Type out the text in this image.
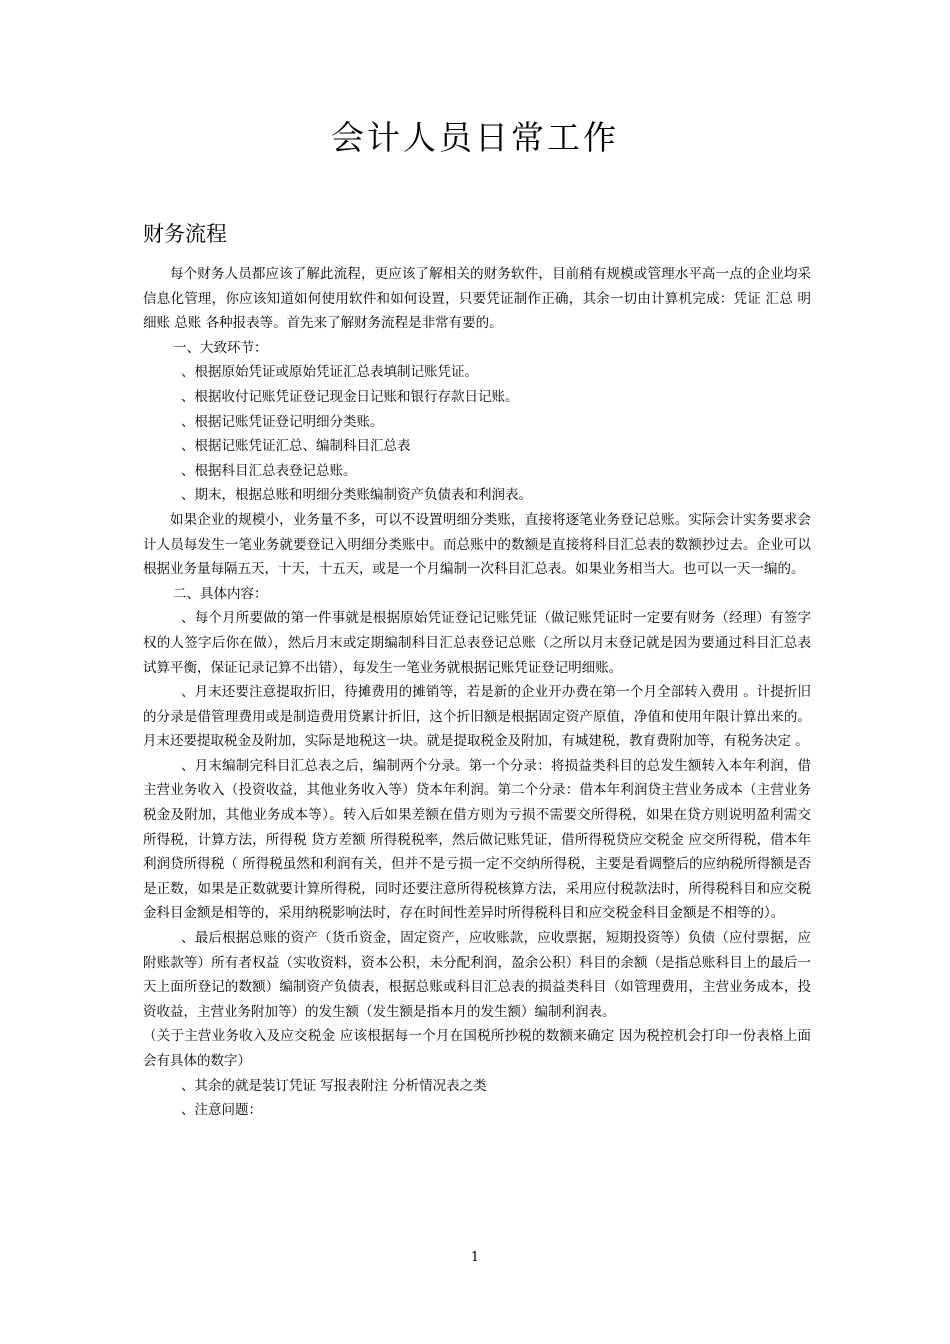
会计人员日常工作
财务流程

每个财务人员都应该了解此流程，更应该了解相关的财务软件，目前稍有规模或管理水平高一点的企业均采信息化管理，你应该知道如何使用软件和如何设置，只要凭证制作正确，其余一切由计算机完成：凭证 汇总 明细账 总账 各种报表等。首先来了解财务流程是非常有要的。

一、大致环节：

、根据原始凭证或原始凭证汇总表填制记账凭证。

、根据收付记账凭证登记现金日记账和银行存款日记账。

、根据记账凭证登记明细分类账。

、根据记账凭证汇总、编制科目汇总表

、根据科目汇总表登记总账。

、期末，根据总账和明细分类账编制资产负债表和利润表。

如果企业的规模小，业务量不多，可以不设置明细分类账，直接将逐笔业务登记总账。实际会计实务要求会计人员每发生一笔业务就要登记入明细分类账中。而总账中的数额是直接将科目汇总表的数额抄过去。企业可以根据业务量每隔五天，十天，十五天，或是一个月编制一次科目汇总表。如果业务相当大。也可以一天一编的。

二、具体内容：

、每个月所要做的第一件事就是根据原始凭证登记记账凭证（做记账凭证时一定要有财务（经理）有签字权的人签字后你在做），然后月末或定期编制科目汇总表登记总账（之所以月末登记就是因为要通过科目汇总表试算平衡，保证记录记算不出错），每发生一笔业务就根据记账凭证登记明细账。

、月末还要注意提取折旧，待摊费用的摊销等，若是新的企业开办费在第一个月全部转入费用 。计提折旧的分录是借管理费用或是制造费用贷累计折旧，这个折旧额是根据固定资产原值，净值和使用年限计算出来的。月末还要提取税金及附加，实际是地税这一块。就是提取税金及附加，有城建税，教育费附加等，有税务决定 。

、月末编制完科目汇总表之后，编制两个分录。第一个分录：将损益类科目的总发生额转入本年利润，借主营业务收入（投资收益，其他业务收入等）贷本年利润。第二个分录：借本年利润贷主营业务成本（主营业务税金及附加，其他业务成本等）。转入后如果差额在借方则为亏损不需要交所得税，如果在贷方则说明盈利需交所得税，计算方法，所得税 贷方差额 所得税税率，然后做记账凭证，借所得税贷应交税金 应交所得税，借本年利润贷所得税（ 所得税虽然和利润有关，但并不是亏损一定不交纳所得税，主要是看调整后的应纳税所得额是否是正数，如果是正数就要计算所得税，同时还要注意所得税核算方法，采用应付税款法时，所得税科目和应交税金科目金额是相等的，采用纳税影响法时，存在时间性差异时所得税科目和应交税金科目金额是不相等的）。

、最后根据总账的资产（货币资金，固定资产，应收账款，应收票据，短期投资等）负债（应付票据，应附账款等）所有者权益（实收资料，资本公积，未分配利润，盈余公积）科目的余额（是指总账科目上的最后一天上面所登记的数额）编制资产负债表，根据总账或科目汇总表的损益类科目（如管理费用，主营业务成本，投资收益，主营业务附加等）的发生额（发生额是指本月的发生额）编制利润表。

（关于主营业务收入及应交税金 应该根据每一个月在国税所抄税的数额来确定 因为税控机会打印一份表格上面会有具体的数字）

、其余的就是装订凭证 写报表附注 分析情况表之类

、注意问题：

1
